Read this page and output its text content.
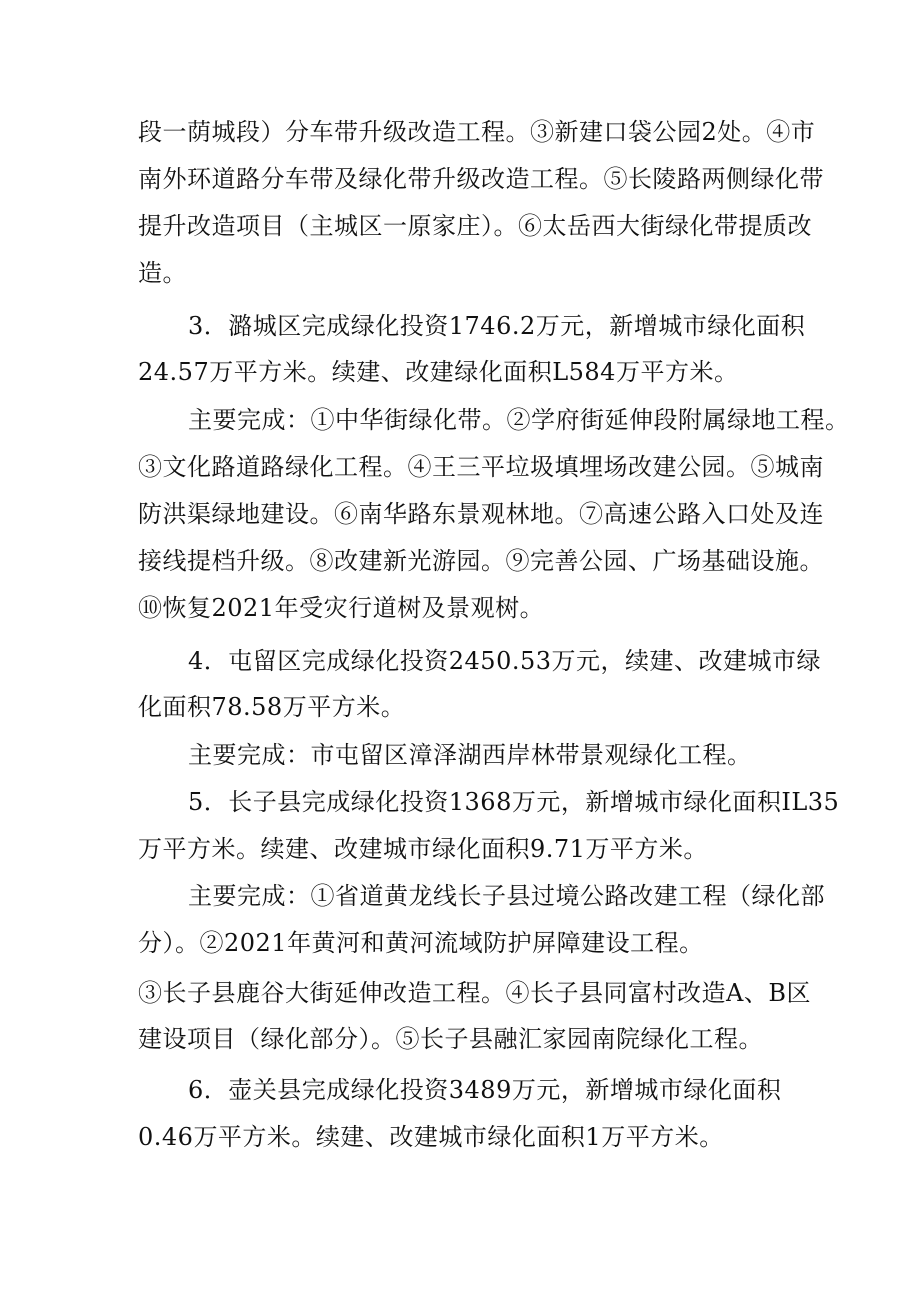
段一荫城段）分车带升级改造工程。③新建口袋公园2处。④市
南外环道路分车带及绿化带升级改造工程。⑤长陵路两侧绿化带
提升改造项目（主城区一原家庄）。⑥太岳西大街绿化带提质改
造。
3．潞城区完成绿化投资1746.2万元，新增城市绿化面积
24.57万平方米。续建、改建绿化面积L584万平方米。
主要完成：①中华街绿化带。②学府街延伸段附属绿地工程。
③文化路道路绿化工程。④王三平垃圾填埋场改建公园。⑤城南
防洪渠绿地建设。⑥南华路东景观林地。⑦高速公路入口处及连
接线提档升级。⑧改建新光游园。⑨完善公园、广场基础设施。
⑩恢复2021年受灾行道树及景观树。
4．屯留区完成绿化投资2450.53万元，续建、改建城市绿
化面积78.58万平方米。
主要完成：市屯留区漳泽湖西岸林带景观绿化工程。
5．长子县完成绿化投资1368万元，新增城市绿化面积IL35
万平方米。续建、改建城市绿化面积9.71万平方米。
主要完成：①省道黄龙线长子县过境公路改建工程（绿化部
分）。②2021年黄河和黄河流域防护屏障建设工程。
③长子县鹿谷大街延伸改造工程。④长子县同富村改造A、B区
建设项目（绿化部分）。⑤长子县融汇家园南院绿化工程。
6．壶关县完成绿化投资3489万元，新增城市绿化面积
0.46万平方米。续建、改建城市绿化面积1万平方米。
